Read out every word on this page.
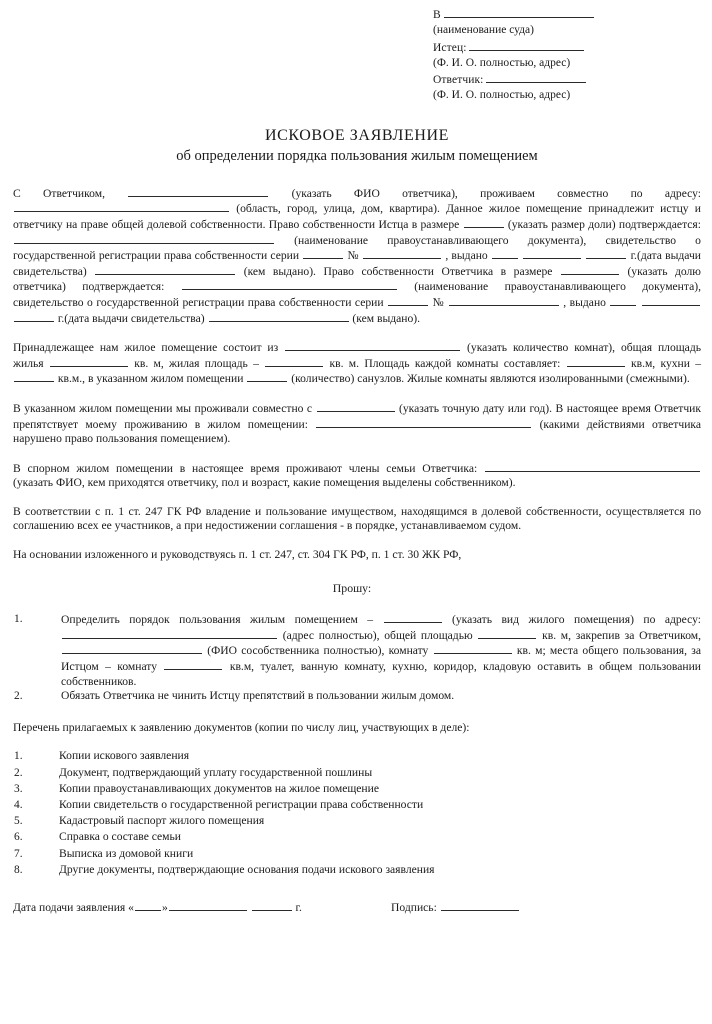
В
(наименование суда)
Истец:
(Ф. И. О. полностью, адрес)
Ответчик:
(Ф. И. О. полностью, адрес)
ИСКОВОЕ ЗАЯВЛЕНИЕ
об определении порядка пользования жилым помещением

С Ответчиком,	(указать ФИО ответчика), проживаем совместно по адресу:  (область, город, улица, дом, квартира). Данное жилое помещение принадлежит истцу и ответчику на праве общей долевой собственности. Право собственности Истца в размере	(указать размер доли) подтверждается:  (наименование правоустанавливающего документа), свидетельство о государственной регистрации права собственности серии	№	, выдано	г.(дата выдачи свидетельства)	(кем выдано). Право собственности Ответчика в размере	(указать долю ответчика) подтверждается:	(наименование правоустанавливающего документа), свидетельство о государственной регистрации права собственности серии	№	, выдано    г.(дата выдачи свидетельства)	(кем выдано).

Принадлежащее нам жилое помещение состоит из	(указать количество комнат), общая площадь жилья	кв. м, жилая площадь –	кв. м. Площадь каждой комнаты составляет:	кв.м, кухни –  кв.м., в указанном жилом помещении	(количество) санузлов. Жилые комнаты являются изолированными (смежными).

В указанном жилом помещении мы проживали совместно с	(указать точную дату или год). В настоящее время Ответчик препятствует моему проживанию в жилом помещении:	(какими действиями ответчика нарушено право пользования помещением).

В спорном жилом помещении в настоящее время проживают члены семьи Ответчика:  (указать ФИО, кем приходятся ответчику, пол и возраст, какие помещения выделены собственником).

В соответствии с п. 1 ст. 247 ГК РФ владение и пользование имуществом, находящимся в долевой собственности, осуществляется по соглашению всех ее участников, а при недостижении соглашения - в порядке, устанавливаемом судом.

На основании изложенного и руководствуясь п. 1 ст. 247, ст. 304 ГК РФ, п. 1 ст. 30 ЖК РФ,

Прошу:
1.	Определить порядок пользования жилым помещением –	(указать вид жилого помещения) по адресу:  (адрес полностью), общей площадью	кв. м, закрепив за Ответчиком,  (ФИО сособственника полностью), комнату	кв. м; места общего пользования, за Истцом – комнату	кв.м, туалет, ванную комнату, кухню, коридор, кладовую оставить в общем пользовании собственников.
2.	Обязать Ответчика не чинить Истцу препятствий в пользовании жилым домом.
Перечень прилагаемых к заявлению документов (копии по числу лиц, участвующих в деле):
1.	Копии искового заявления
2.	Документ, подтверждающий уплату государственной пошлины
3.	Копии правоустанавливающих документов на жилое помещение
4.	Копии свидетельств о государственной регистрации права собственности
5.	Кадастровый паспорт жилого помещения
6.	Справка о составе семьи
7.	Выписка из домовой книги
8.	Другие документы, подтверждающие основания подачи искового заявления
Дата подачи заявления « »	г.	Подпись:
